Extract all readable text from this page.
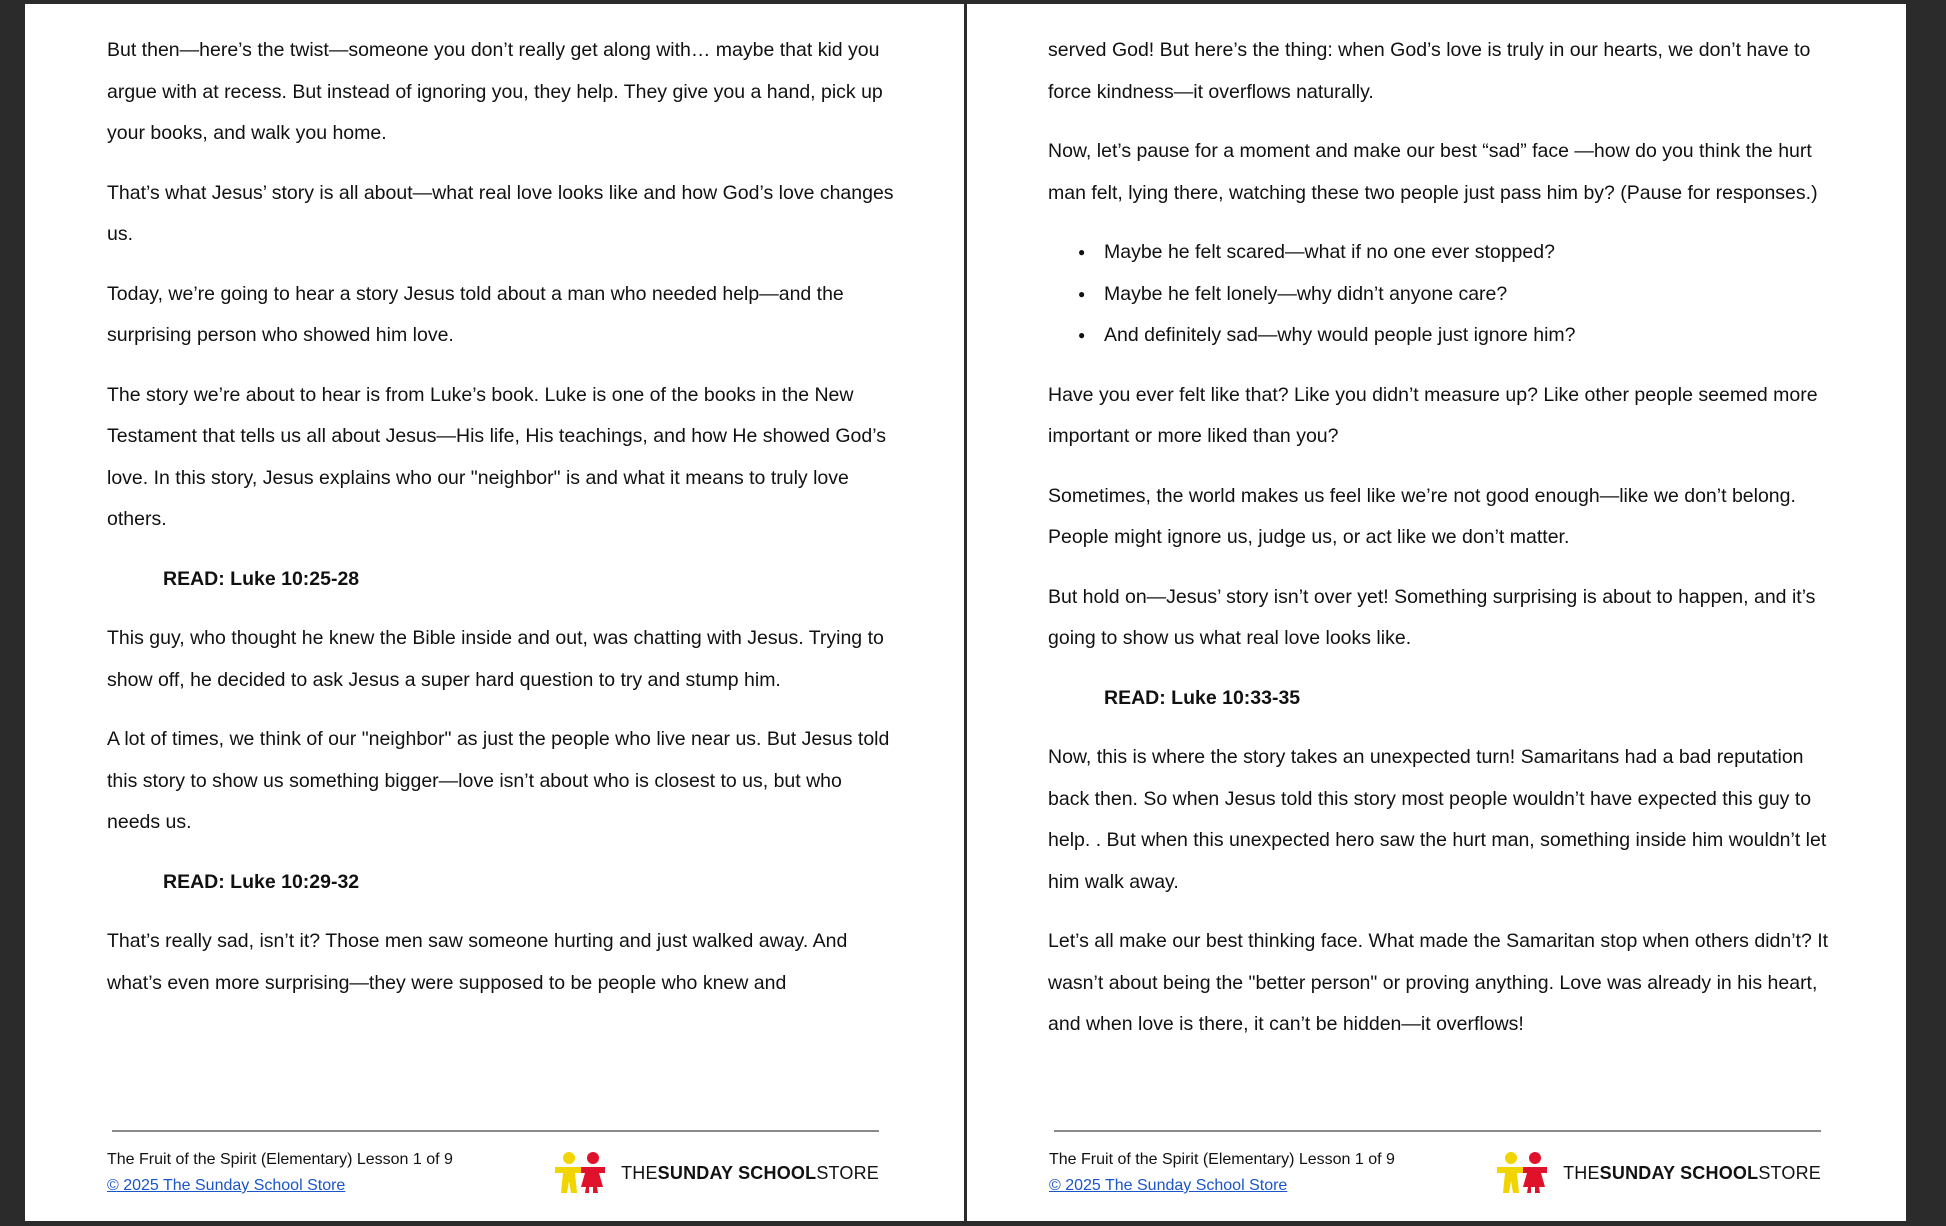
But then—here’s the twist—someone you don’t really get along with… maybe that kid you argue with at recess. But instead of ignoring you, they help. They give you a hand, pick up your books, and walk you home.

That’s what Jesus’ story is all about—what real love looks like and how God’s love changes us.

Today, we’re going to hear a story Jesus told about a man who needed help—and the surprising person who showed him love.

The story we’re about to hear is from Luke’s book. Luke is one of the books in the New Testament that tells us all about Jesus—His life, His teachings, and how He showed God’s love. In this story, Jesus explains who our "neighbor" is and what it means to truly love others.

READ: Luke 10:25-28

This guy, who thought he knew the Bible inside and out, was chatting with Jesus. Trying to show off, he decided to ask Jesus a super hard question to try and stump him.

A lot of times, we think of our "neighbor" as just the people who live near us. But Jesus told this story to show us something bigger—love isn’t about who is closest to us, but who needs us.

READ: Luke 10:29-32

That’s really sad, isn’t it? Those men saw someone hurting and just walked away. And what’s even more surprising—they were supposed to be people who knew and

The Fruit of the Spirit (Elementary) Lesson 1 of 9
© 2025 The Sunday School Store
THE SUNDAY SCHOOL STORE

served God! But here’s the thing: when God’s love is truly in our hearts, we don’t have to force kindness—it overflows naturally.

Now, let’s pause for a moment and make our best “sad” face —how do you think the hurt man felt, lying there, watching these two people just pass him by? (Pause for responses.)

● Maybe he felt scared—what if no one ever stopped?
● Maybe he felt lonely—why didn’t anyone care?
● And definitely sad—why would people just ignore him?

Have you ever felt like that? Like you didn’t measure up? Like other people seemed more important or more liked than you?

Sometimes, the world makes us feel like we’re not good enough—like we don’t belong. People might ignore us, judge us, or act like we don’t matter.

But hold on—Jesus’ story isn’t over yet! Something surprising is about to happen, and it’s going to show us what real love looks like.

READ: Luke 10:33-35

Now, this is where the story takes an unexpected turn! Samaritans had a bad reputation back then. So when Jesus told this story most people wouldn’t have expected this guy to help. . But when this unexpected hero saw the hurt man, something inside him wouldn’t let him walk away.

Let’s all make our best thinking face. What made the Samaritan stop when others didn’t? It wasn’t about being the "better person" or proving anything. Love was already in his heart, and when love is there, it can’t be hidden—it overflows!

The Fruit of the Spirit (Elementary) Lesson 1 of 9
© 2025 The Sunday School Store
THE SUNDAY SCHOOL STORE
